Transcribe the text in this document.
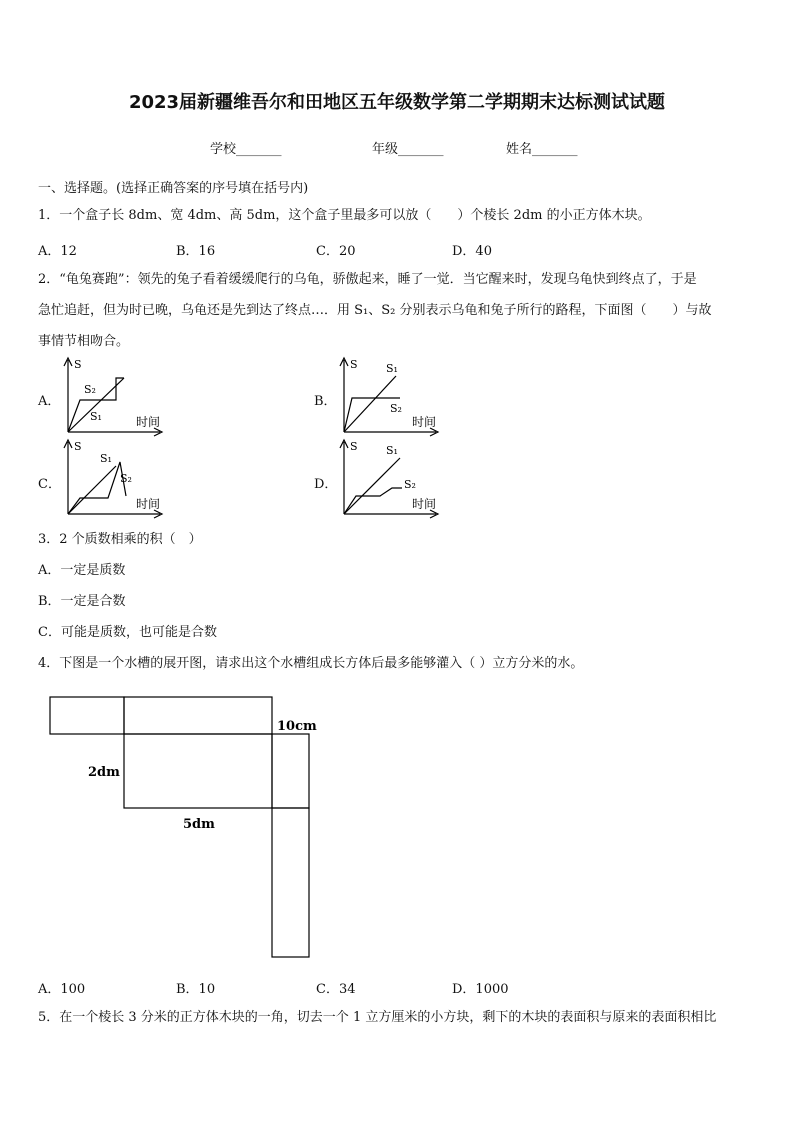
2023届新疆维吾尔和田地区五年级数学第二学期期末达标测试试题
学校_______	年级_______	姓名_______
一、选择题。(选择正确答案的序号填在括号内)
1．一个盒子长 8dm、宽 4dm、高 5dm，这个盒子里最多可以放（　　）个棱长 2dm 的小正方体木块。
A．12	B．16	C．20	D．40
2．“龟兔赛跑”：领先的兔子看着缓缓爬行的乌龟，骄傲起来，睡了一觉．当它醒来时，发现乌龟快到终点了，于是
急忙追赶，但为时已晚，乌龟还是先到达了终点…．用 S₁、S₂ 分别表示乌龟和兔子所行的路程，下面图（　　）与故
事情节相吻合。
A．	B．
C．	D．
S
S₂
S₁	时间
S	S₁
S₂
时间
S
S₁
S₂
时间
S	S₁
S₂
时间
3．2 个质数相乘的积（　）
A．一定是质数
B．一定是合数
C．可能是质数，也可能是合数
4．下图是一个水槽的展开图，请求出这个水槽组成长方体后最多能够灌入（ ）立方分米的水。
10cm
2dm
5dm
A．100	B．10	C．34	D．1000
5．在一个棱长 3 分米的正方体木块的一角，切去一个 1 立方厘米的小方块，剩下的木块的表面积与原来的表面积相比
